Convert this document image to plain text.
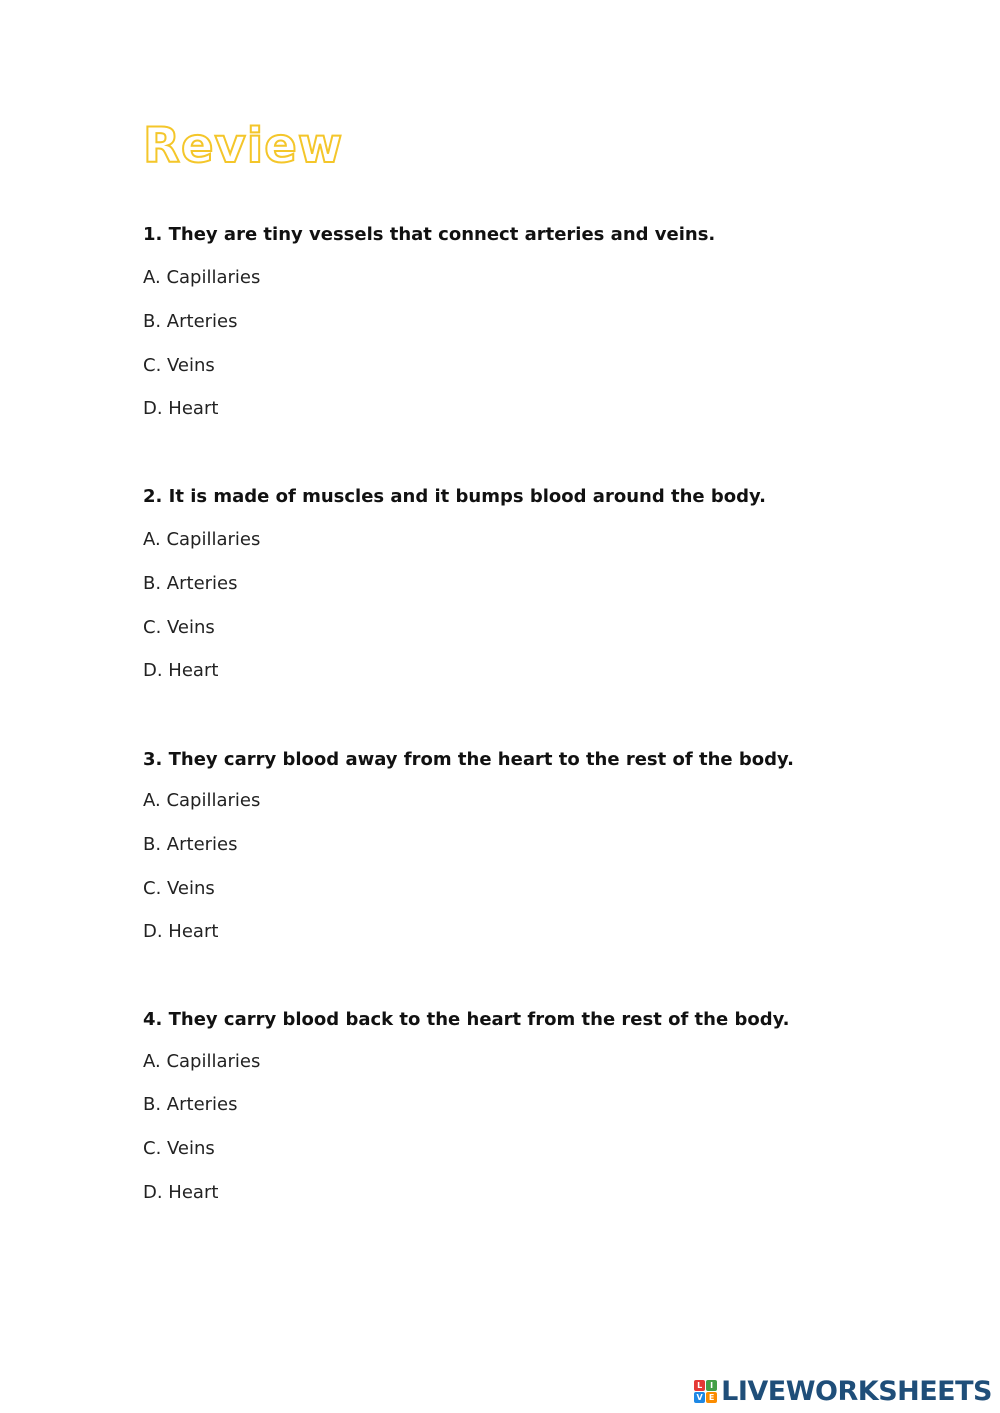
Review

1. They are tiny vessels that connect arteries and veins.

A. Capillaries

B. Arteries

C. Veins

D. Heart

2. It is made of muscles and it bumps blood around the body.

A. Capillaries

B. Arteries

C. Veins

D. Heart

3. They carry blood away from the heart to the rest of the body.

A. Capillaries

B. Arteries

C. Veins

D. Heart

4. They carry blood back to the heart from the rest of the body.

A. Capillaries

B. Arteries

C. Veins

D. Heart

L I
V E LIVEWORKSHEETS
